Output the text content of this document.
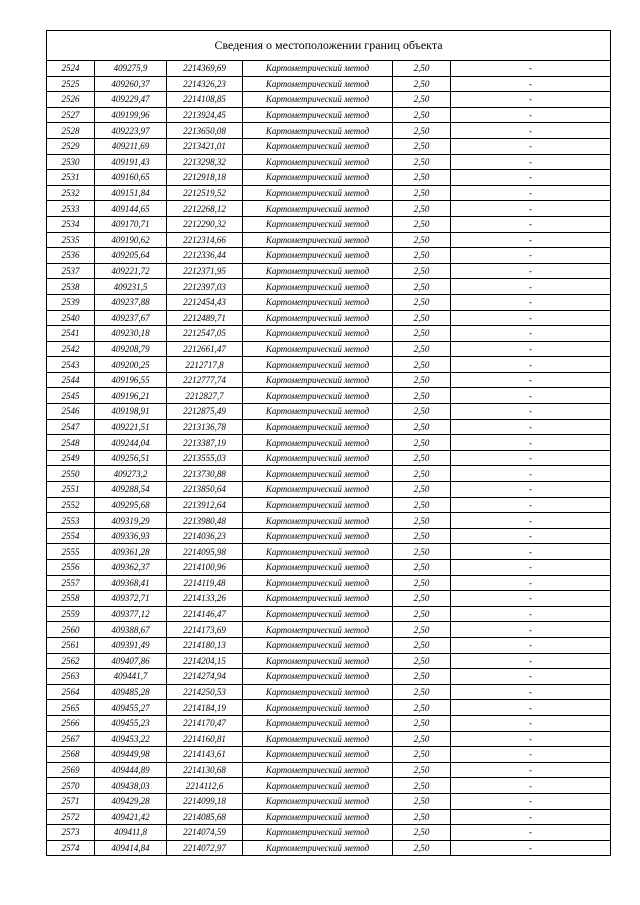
Сведения о местоположении границ объекта					
2524	409275,9	2214369,69	Картометрический метод	2,50	-
2525	409260,37	2214326,23	Картометрический метод	2,50	-
2526	409229,47	2214108,85	Картометрический метод	2,50	-
2527	409199,96	2213924,45	Картометрический метод	2,50	-
2528	409223,97	2213650,08	Картометрический метод	2,50	-
2529	409211,69	2213421,01	Картометрический метод	2,50	-
2530	409191,43	2213298,32	Картометрический метод	2,50	-
2531	409160,65	2212918,18	Картометрический метод	2,50	-
2532	409151,84	2212519,52	Картометрический метод	2,50	-
2533	409144,65	2212268,12	Картометрический метод	2,50	-
2534	409170,71	2212290,32	Картометрический метод	2,50	-
2535	409190,62	2212314,66	Картометрический метод	2,50	-
2536	409205,64	2212336,44	Картометрический метод	2,50	-
2537	409221,72	2212371,95	Картометрический метод	2,50	-
2538	409231,5	2212397,03	Картометрический метод	2,50	-
2539	409237,88	2212454,43	Картометрический метод	2,50	-
2540	409237,67	2212489,71	Картометрический метод	2,50	-
2541	409230,18	2212547,05	Картометрический метод	2,50	-
2542	409208,79	2212661,47	Картометрический метод	2,50	-
2543	409200,25	2212717,8	Картометрический метод	2,50	-
2544	409196,55	2212777,74	Картометрический метод	2,50	-
2545	409196,21	2212827,7	Картометрический метод	2,50	-
2546	409198,91	2212875,49	Картометрический метод	2,50	-
2547	409221,51	2213136,78	Картометрический метод	2,50	-
2548	409244,04	2213387,19	Картометрический метод	2,50	-
2549	409256,51	2213555,03	Картометрический метод	2,50	-
2550	409273,2	2213730,88	Картометрический метод	2,50	-
2551	409288,54	2213850,64	Картометрический метод	2,50	-
2552	409295,68	2213912,64	Картометрический метод	2,50	-
2553	409319,29	2213980,48	Картометрический метод	2,50	-
2554	409336,93	2214036,23	Картометрический метод	2,50	-
2555	409361,28	2214095,98	Картометрический метод	2,50	-
2556	409362,37	2214100,96	Картометрический метод	2,50	-
2557	409368,41	2214119,48	Картометрический метод	2,50	-
2558	409372,71	2214133,26	Картометрический метод	2,50	-
2559	409377,12	2214146,47	Картометрический метод	2,50	-
2560	409388,67	2214173,69	Картометрический метод	2,50	-
2561	409391,49	2214180,13	Картометрический метод	2,50	-
2562	409407,86	2214204,15	Картометрический метод	2,50	-
2563	409441,7	2214274,94	Картометрический метод	2,50	-
2564	409485,28	2214250,53	Картометрический метод	2,50	-
2565	409455,27	2214184,19	Картометрический метод	2,50	-
2566	409455,23	2214170,47	Картометрический метод	2,50	-
2567	409453,22	2214160,81	Картометрический метод	2,50	-
2568	409449,98	2214143,61	Картометрический метод	2,50	-
2569	409444,89	2214130,68	Картометрический метод	2,50	-
2570	409438,03	2214112,6	Картометрический метод	2,50	-
2571	409429,28	2214099,18	Картометрический метод	2,50	-
2572	409421,42	2214085,68	Картометрический метод	2,50	-
2573	409411,8	2214074,59	Картометрический метод	2,50	-
2574	409414,84	2214072,97	Картометрический метод	2,50	-
